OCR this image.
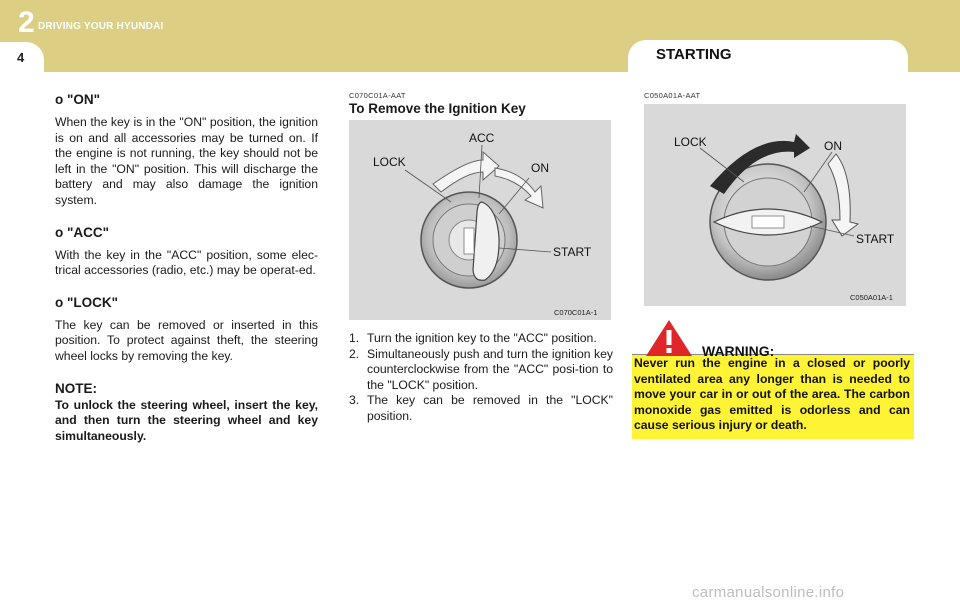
2 DRIVING YOUR HYUNDAI
4	STARTING

o "ON"

When the key is in the "ON" position, the ignition is on and all accessories may be turned on. If the engine is not running, the key should not be left in the "ON" position. This will discharge the battery and may also damage the ignition system.

o "ACC"

With the key in the "ACC" position, some elec-trical accessories (radio, etc.) may be operat-ed.

o "LOCK"

The key can be removed or inserted in this position. To protect against theft, the steering wheel locks by removing the key.

NOTE:

To unlock the steering wheel, insert the key, and then turn the steering wheel and key simultaneously.

C070C01A-AAT
To Remove the Ignition Key
ACC
LOCK	ON
START
C070C01A-1
1. Turn the ignition key to the "ACC" position.
2. Simultaneously push and turn the ignition key counterclockwise from the "ACC" posi-tion to the "LOCK" position.
3. The key can be removed in the "LOCK" position.
C050A01A-AAT
LOCK	ON
START
C050A01A-1
WARNING:
Never run the engine in a closed or poorly ventilated area any longer than is needed to move your car in or out of the area. The carbon monoxide gas emitted is odorless and can cause serious injury or death.
carmanualsonline.info
